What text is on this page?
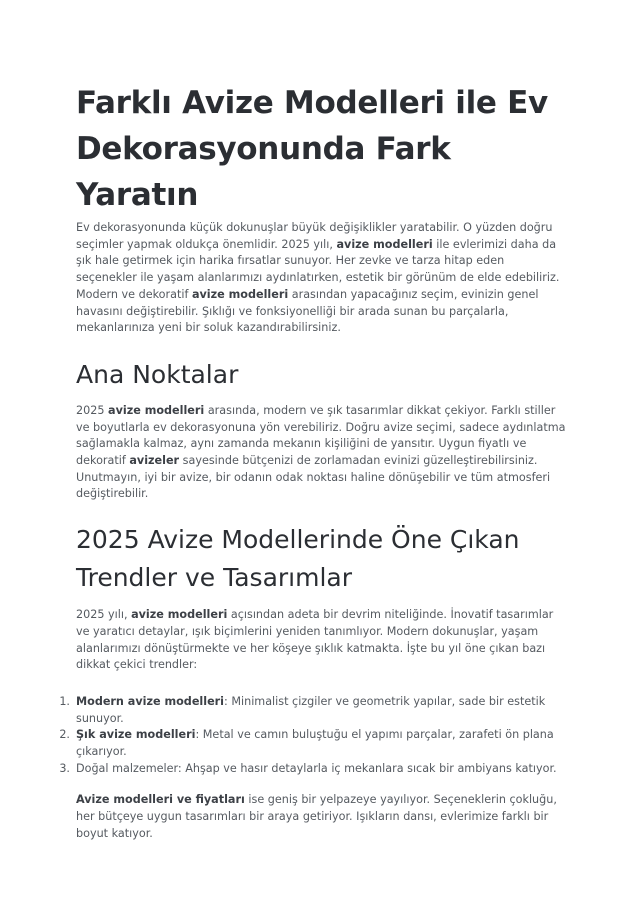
Farklı Avize Modelleri ile Ev Dekorasyonunda Fark Yaratın

Ev dekorasyonunda küçük dokunuşlar büyük değişiklikler yaratabilir. O yüzden doğru seçimler yapmak oldukça önemlidir. 2025 yılı, avize modelleri ile evlerimizi daha da şık hale getirmek için harika fırsatlar sunuyor. Her zevke ve tarza hitap eden seçenekler ile yaşam alanlarımızı aydınlatırken, estetik bir görünüm de elde edebiliriz. Modern ve dekoratif avize modelleri arasından yapacağınız seçim, evinizin genel havasını değiştirebilir. Şıklığı ve fonksiyonelliği bir arada sunan bu parçalarla, mekanlarınıza yeni bir soluk kazandırabilirsiniz.

Ana Noktalar

2025 avize modelleri arasında, modern ve şık tasarımlar dikkat çekiyor. Farklı stiller ve boyutlarla ev dekorasyonuna yön verebiliriz. Doğru avize seçimi, sadece aydınlatma sağlamakla kalmaz, aynı zamanda mekanın kişiliğini de yansıtır. Uygun fiyatlı ve dekoratif avizeler sayesinde bütçenizi de zorlamadan evinizi güzelleştirebilirsiniz. Unutmayın, iyi bir avize, bir odanın odak noktası haline dönüşebilir ve tüm atmosferi değiştirebilir.

2025 Avize Modellerinde Öne Çıkan Trendler ve Tasarımlar

2025 yılı, avize modelleri açısından adeta bir devrim niteliğinde. İnovatif tasarımlar ve yaratıcı detaylar, ışık biçimlerini yeniden tanımlıyor. Modern dokunuşlar, yaşam alanlarımızı dönüştürmekte ve her köşeye şıklık katmakta. İşte bu yıl öne çıkan bazı dikkat çekici trendler:

1. Modern avize modelleri: Minimalist çizgiler ve geometrik yapılar, sade bir estetik sunuyor.
2. Şık avize modelleri: Metal ve camın buluştuğu el yapımı parçalar, zarafeti ön plana çıkarıyor.
3. Doğal malzemeler: Ahşap ve hasır detaylarla iç mekanlara sıcak bir ambiyans katıyor.

Avize modelleri ve fiyatları ise geniş bir yelpazeye yayılıyor. Seçeneklerin çokluğu, her bütçeye uygun tasarımları bir araya getiriyor. Işıkların dansı, evlerimize farklı bir boyut katıyor.
